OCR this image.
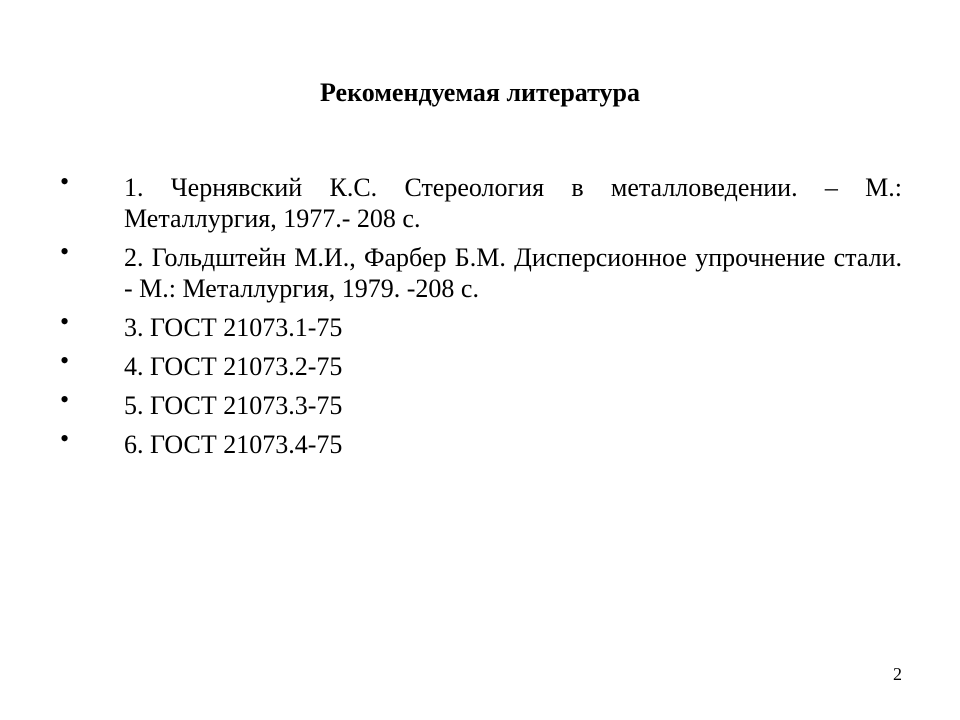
Рекомендуемая литература
• 1. Чернявский К.С. Стереология в металловедении. – М.: Металлургия, 1977.- 208 с.
• 2. Гольдштейн М.И., Фарбер Б.М. Дисперсионное упрочнение стали. - М.: Металлургия, 1979. -208 с.
• 3. ГОСТ 21073.1-75
• 4. ГОСТ 21073.2-75
• 5. ГОСТ 21073.3-75
• 6. ГОСТ 21073.4-75
2
